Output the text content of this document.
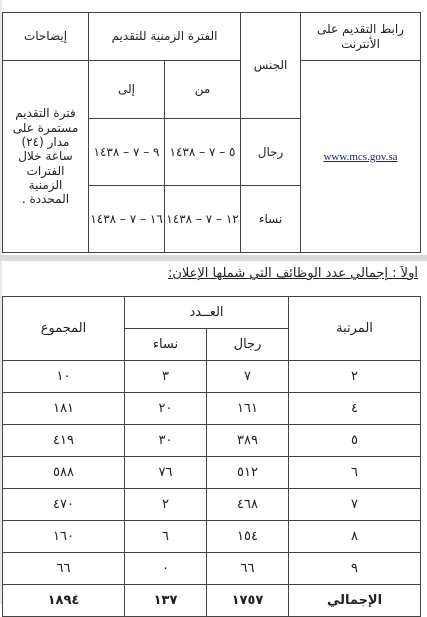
إيضاحات	الفترة الزمنية للتقديم		الجنس	رابط التقديم على الأنترنت
فترة التقديم مستمرة على مدار (٢٤) ساعة خلال الفترات الزمنية المحددة .	إلى	من		www.mcs.gov.sa
	٩ – ٧ – ١٤٣٨	٥ – ٧ – ١٤٣٨	رجال	
	١٦ – ٧ – ١٤٣٨	١٢ – ٧ – ١٤٣٨	نساء	
أولاً : إجمالي عدد الوظائف التي شملها الإعلان:
المجموع	العــدد		المرتبة
	نساء	رجال	
١٠	٣	٧	٢
١٨١	٢٠	١٦١	٤
٤١٩	٣٠	٣٨٩	٥
٥٨٨	٧٦	٥١٢	٦
٤٧٠	٢	٤٦٨	٧
١٦٠	٦	١٥٤	٨
٦٦	٠	٦٦	٩
١٨٩٤	١٣٧	١٧٥٧	الإجمالي
